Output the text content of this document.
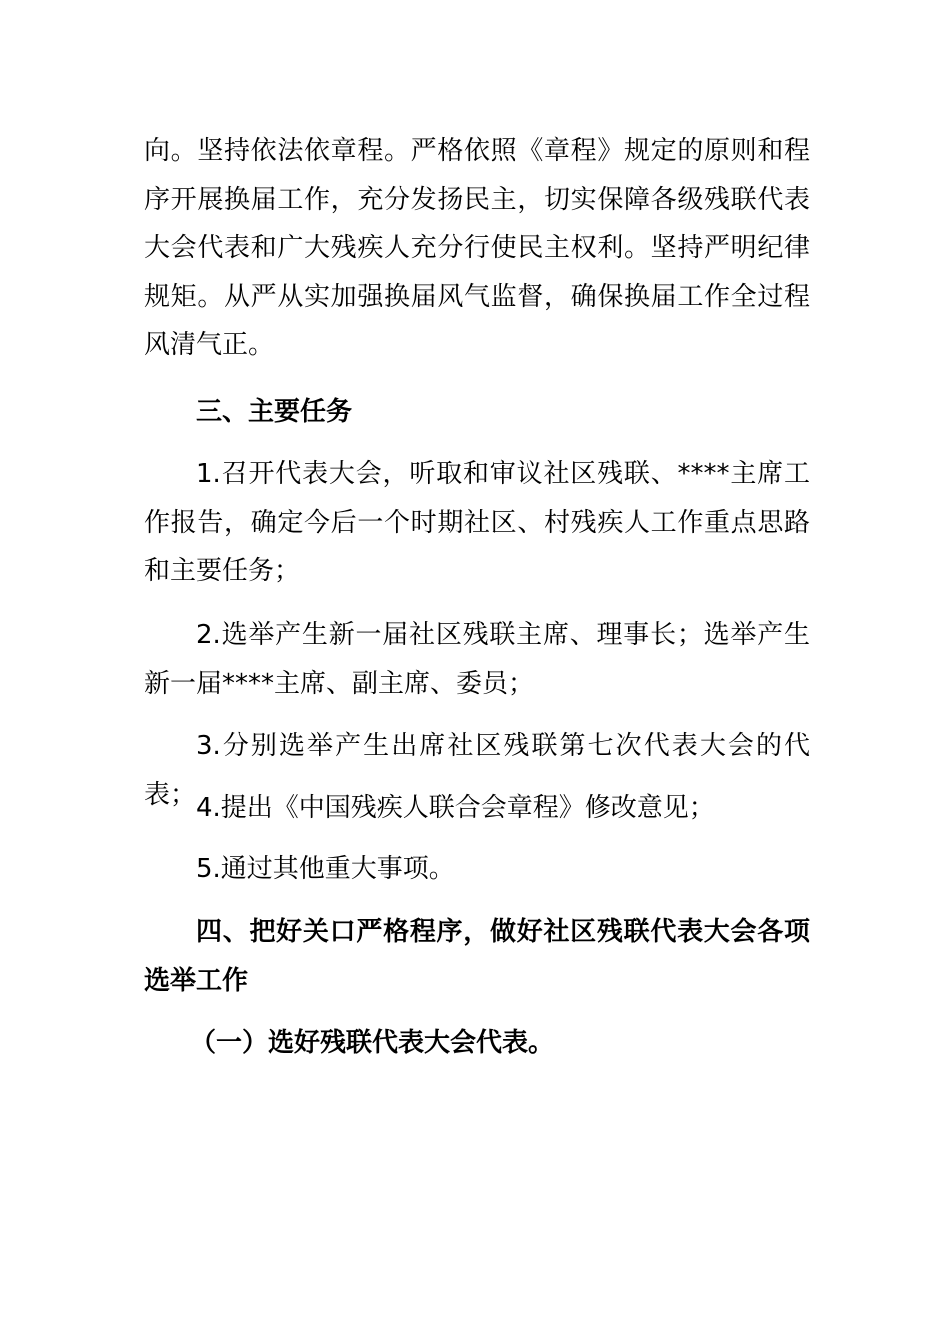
向。坚持依法依章程。严格依照《章程》规定的原则和程序开展换届工作，充分发扬民主，切实保障各级残联代表大会代表和广大残疾人充分行使民主权利。坚持严明纪律规矩。从严从实加强换届风气监督，确保换届工作全过程风清气正。

三、主要任务

1.召开代表大会，听取和审议社区残联、****主席工作报告，确定今后一个时期社区、村残疾人工作重点思路和主要任务；

2.选举产生新一届社区残联主席、理事长；选举产生新一届****主席、副主席、委员；

3.分别选举产生出席社区残联第七次代表大会的代表； 4.提出《中国残疾人联合会章程》修改意见；

5.通过其他重大事项。

四、把好关口严格程序，做好社区残联代表大会各项选举工作

（一）选好残联代表大会代表。
